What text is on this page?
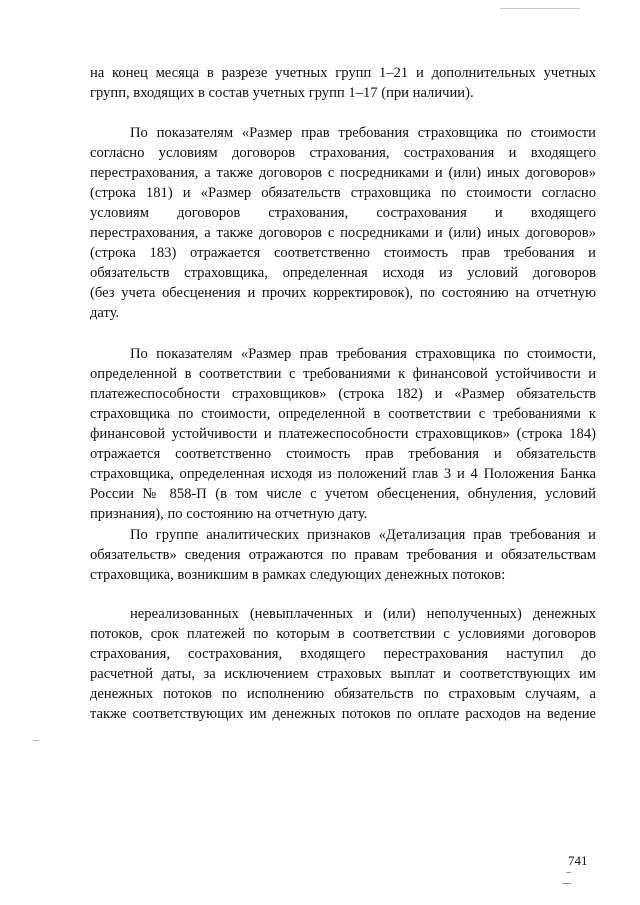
на конец месяца в разрезе учетных групп 1–21 и дополнительных учетных
групп, входящих в состав учетных групп 1–17 (при наличии).
По показателям «Размер прав требования страховщика по стоимости
согласно условиям договоров страхования, сострахования и входящего
перестрахования, а также договоров с посредниками и (или) иных договоров»
(строка 181) и «Размер обязательств страховщика по стоимости согласно
условиям договоров страхования, сострахования и входящего
перестрахования, а также договоров с посредниками и (или) иных договоров»
(строка 183) отражается соответственно стоимость прав требования и
обязательств страховщика, определенная исходя из условий договоров
(без учета обесценения и прочих корректировок), по состоянию на отчетную
дату.
По показателям «Размер прав требования страховщика по стоимости,
определенной в соответствии с требованиями к финансовой устойчивости и
платежеспособности страховщиков» (строка 182) и «Размер обязательств
страховщика по стоимости, определенной в соответствии с требованиями к
финансовой устойчивости и платежеспособности страховщиков» (строка 184)
отражается соответственно стоимость прав требования и обязательств
страховщика, определенная исходя из положений глав 3 и 4 Положения Банка
России № 858-П (в том числе с учетом обесценения, обнуления, условий
признания), по состоянию на отчетную дату.
По группе аналитических признаков «Детализация прав требования и
обязательств» сведения отражаются по правам требования и обязательствам
страховщика, возникшим в рамках следующих денежных потоков:
нереализованных (невыплаченных и (или) неполученных) денежных
потоков, срок платежей по которым в соответствии с условиями договоров
страхования, сострахования, входящего перестрахования наступил до
расчетной даты, за исключением страховых выплат и соответствующих им
денежных потоков по исполнению обязательств по страховым случаям, а
также соответствующих им денежных потоков по оплате расходов на ведение
741
